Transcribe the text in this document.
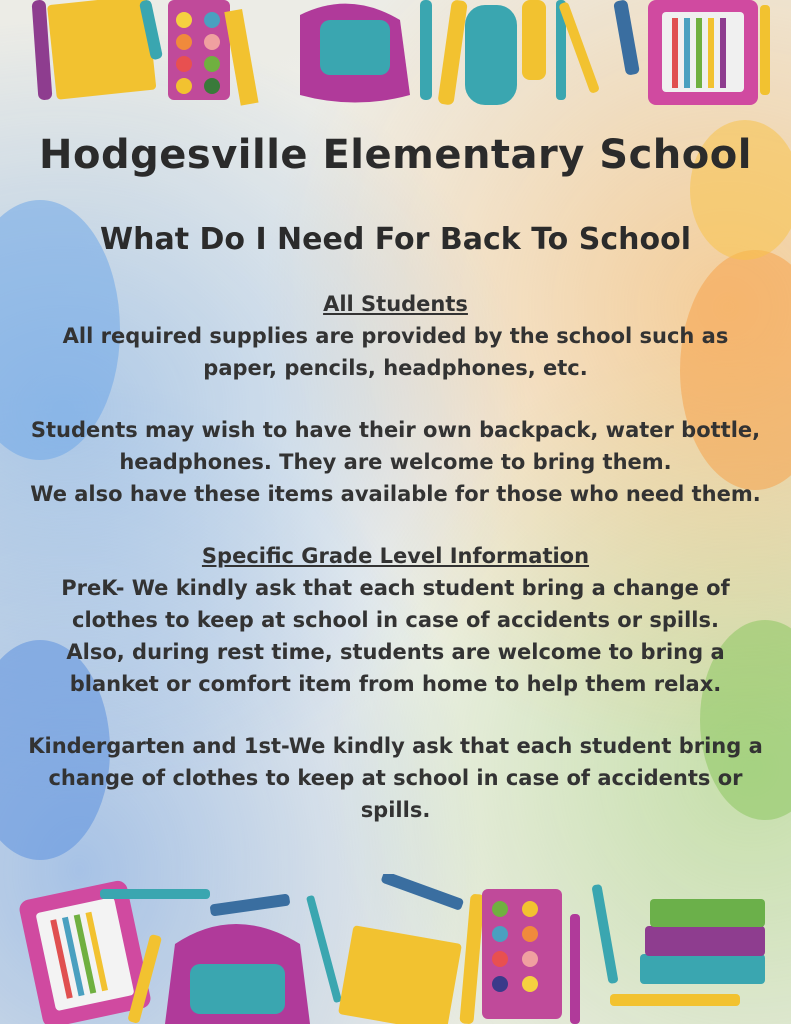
Hodgesville Elementary School
What Do I Need For Back To School

All Students

All required supplies are provided by the school such as

paper, pencils, headphones, etc.

Students may wish to have their own backpack, water bottle,

headphones. They are welcome to bring them.

We also have these items available for those who need them.

Specific Grade Level Information

PreK- We kindly ask that each student bring a change of

clothes to keep at school in case of accidents or spills.

Also, during rest time, students are welcome to bring a

blanket or comfort item from home to help them relax.

Kindergarten and 1st-We kindly ask that each student bring a

change of clothes to keep at school in case of accidents or

spills.
